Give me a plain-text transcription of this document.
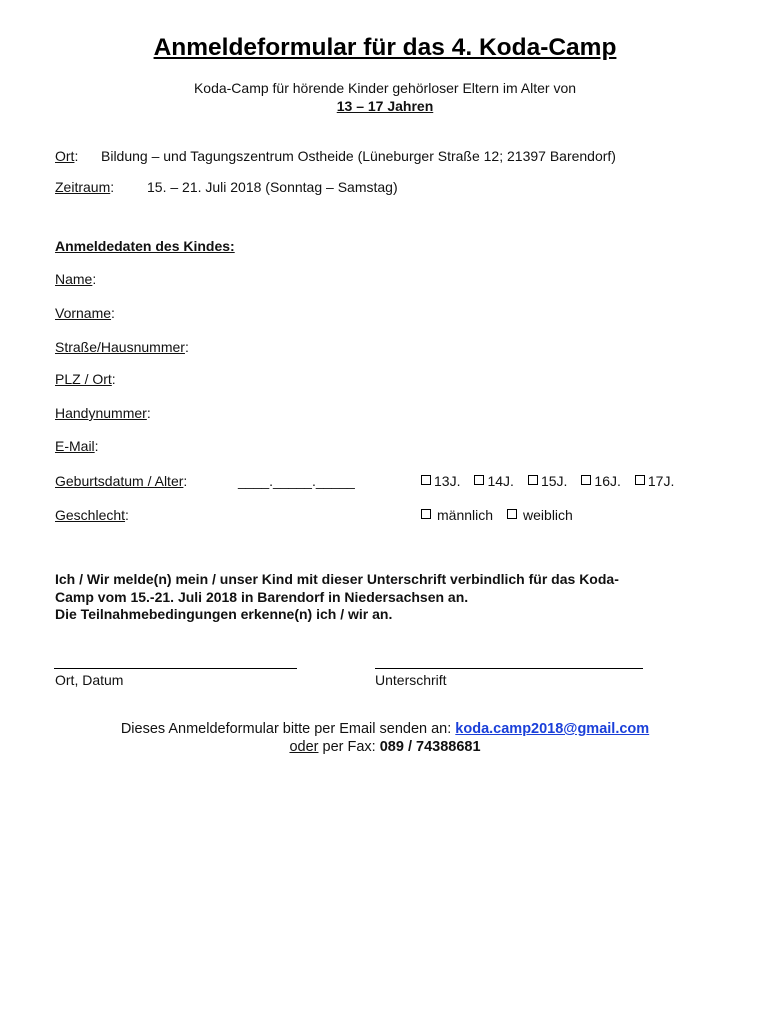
Anmeldeformular für das 4. Koda-Camp
Koda-Camp für hörende Kinder gehörloser Eltern im Alter von
13 – 17 Jahren
Ort: Bildung – und Tagungszentrum Ostheide (Lüneburger Straße 12; 21397 Barendorf)
Zeitraum: 15. – 21. Juli 2018 (Sonntag – Samstag)
Anmeldedaten des Kindes:
Name:
Vorname:
Straße/Hausnummer:
PLZ / Ort:
Handynummer:
E-Mail:
Geburtsdatum / Alter:	____._____._____	13J. 14J. 15J. 16J. 17J.
Geschlecht:	männlich weiblich
Ich / Wir melde(n) mein / unser Kind mit dieser Unterschrift verbindlich für das Koda-
Camp vom 15.-21. Juli 2018 in Barendorf in Niedersachsen an.
Die Teilnahmebedingungen erkenne(n) ich / wir an.
Ort, Datum	Unterschrift
Dieses Anmeldeformular bitte per Email senden an: koda.camp2018@gmail.com
oder per Fax: 089 / 74388681
